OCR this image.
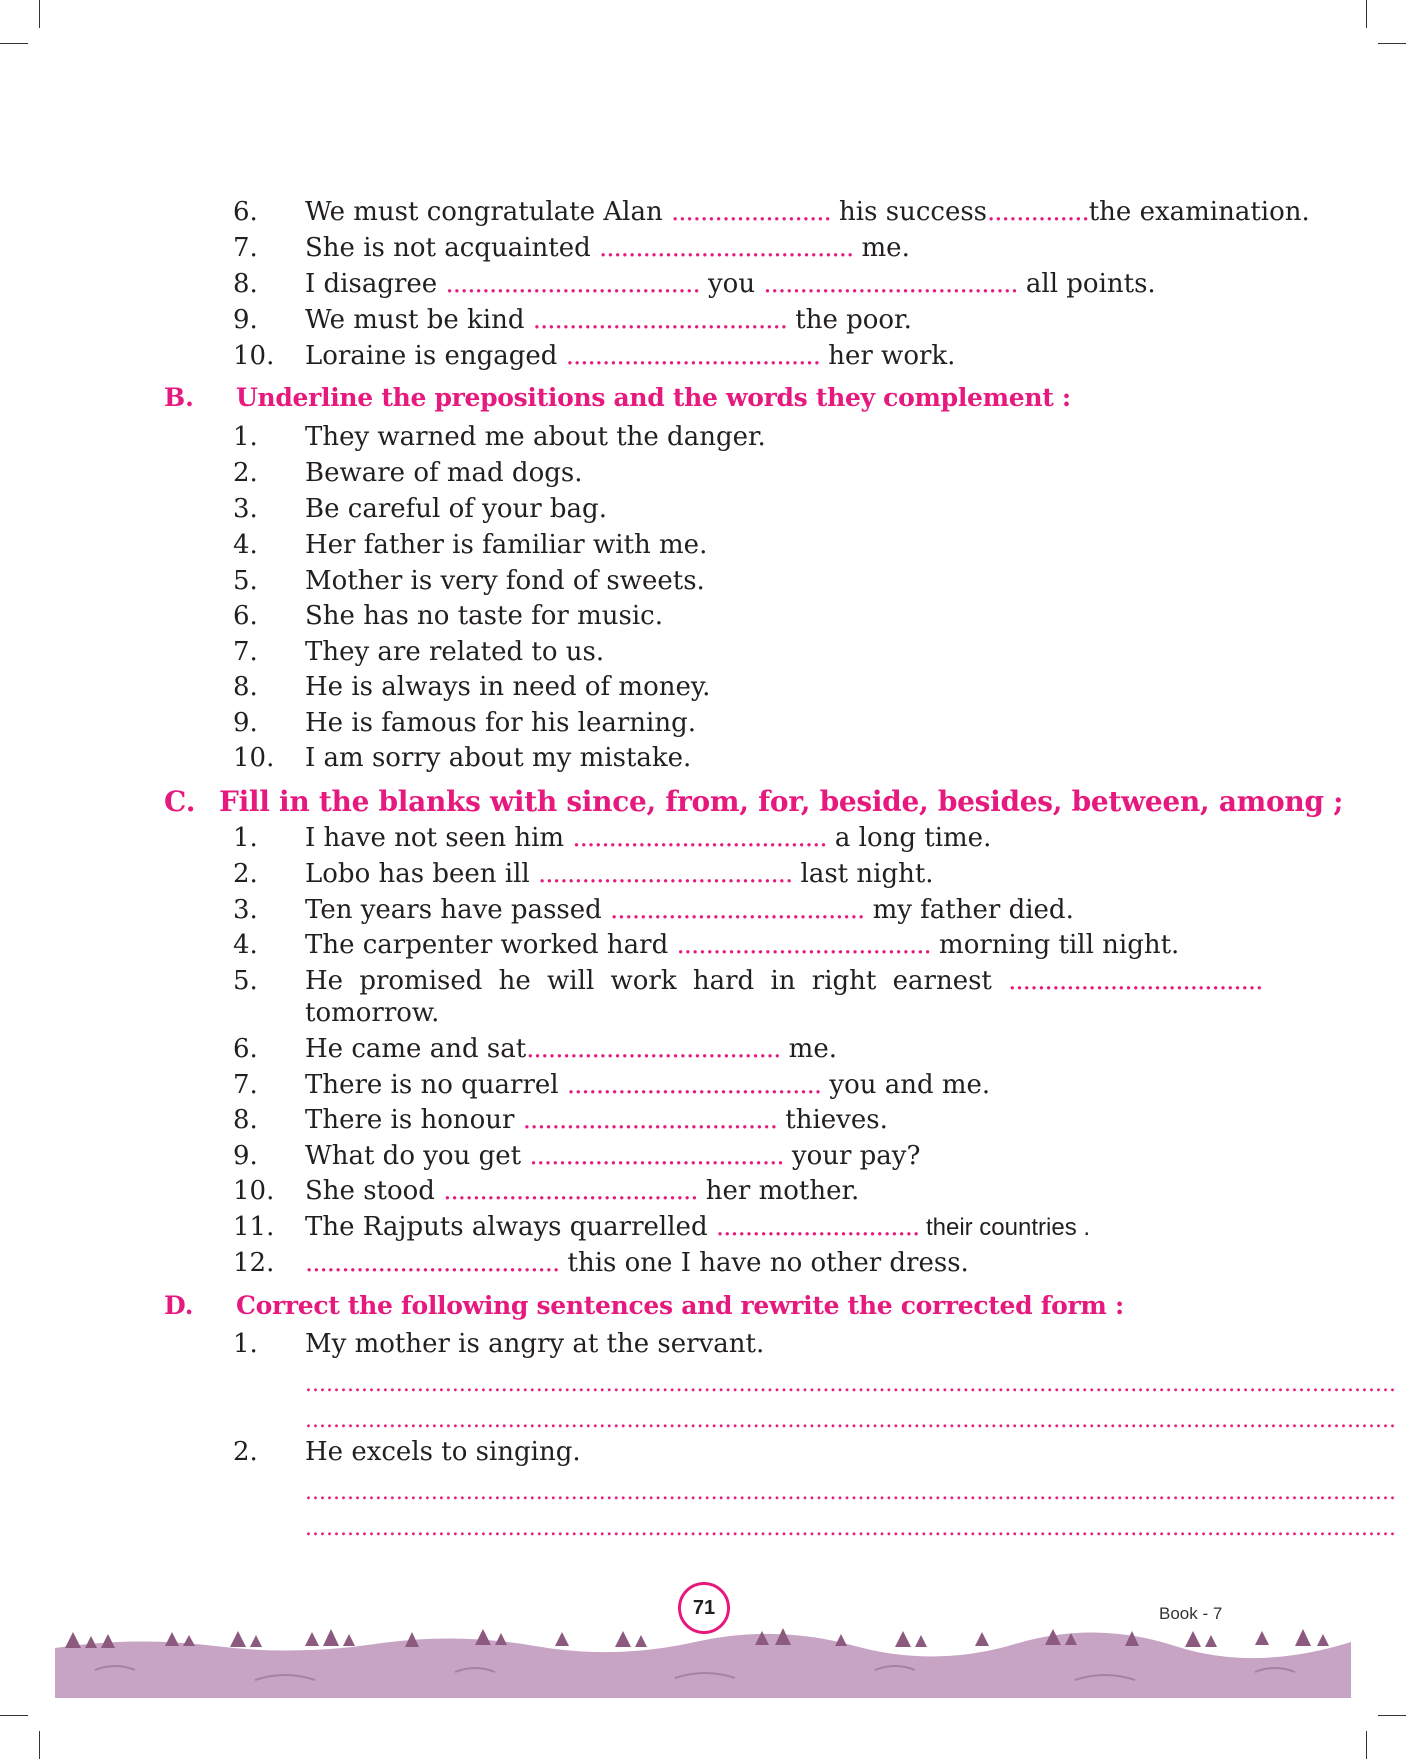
6. We must congratulate Alan ...................... his success..............the examination.
7. She is not acquainted ................................... me.
8. I disagree ................................... you ................................... all points.
9. We must be kind ................................... the poor.
10. Loraine is engaged ................................... her work.
B. Underline the prepositions and the words they complement :
1. They warned me about the danger.
2. Beware of mad dogs.
3. Be careful of your bag.
4. Her father is familiar with me.
5. Mother is very fond of sweets.
6. She has no taste for music.
7. They are related to us.
8. He is always in need of money.
9. He is famous for his learning.
10. I am sorry about my mistake.
C. Fill in the blanks with since, from, for, beside, besides, between, among ;
1. I have not seen him ................................... a long time.
2. Lobo has been ill ................................... last night.
3. Ten years have passed ................................... my father died.
4. The carpenter worked hard ................................... morning till night.
5. He promised he will work hard in right earnest ...................................
tomorrow.
6. He came and sat................................... me.
7. There is no quarrel ................................... you and me.
8. There is honour ................................... thieves.
9. What do you get ................................... your pay?
10. She stood ................................... her mother.
11. The Rajputs always quarrelled ............................ their countries .
12. ................................... this one I have no other dress.
D. Correct the following sentences and rewrite the corrected form :
1. My mother is angry at the servant.
............................................................................................................................................................
............................................................................................................................................................
2. He excels to singing.
............................................................................................................................................................
............................................................................................................................................................
71	Book - 7
